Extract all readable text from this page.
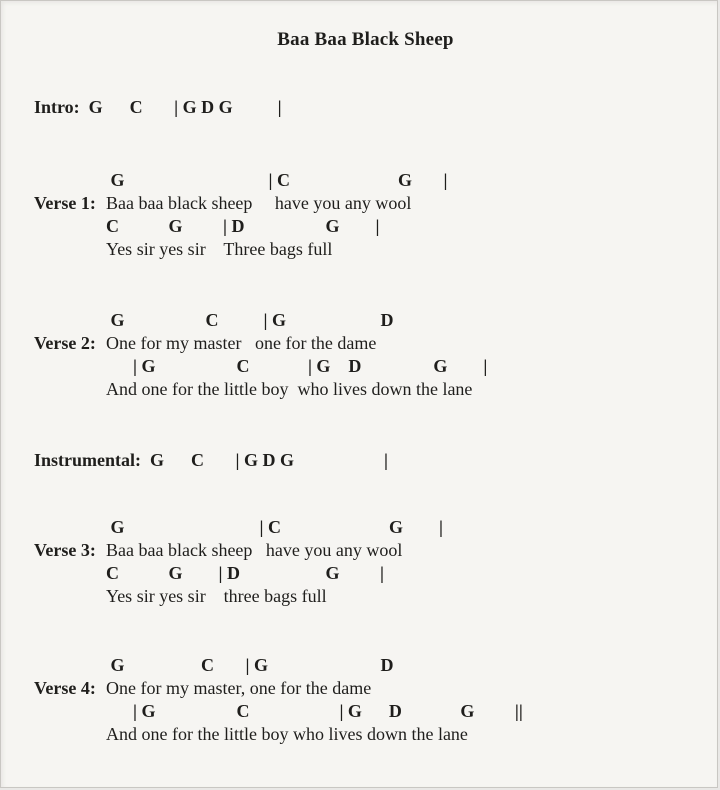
Baa Baa Black Sheep
Intro:  G      C       | G D G          |
G                                | C                        G       |
Verse 1: Baa baa black sheep     have you any wool
C           G         | D                  G        |
Yes sir yes sir    Three bags full
G                  C          | G                     D
Verse 2: One for my master   one for the dame
| G                  C             | G    D                G        |
And one for the little boy  who lives down the lane
Instrumental:  G      C       | G D G                    |
G                              | C                        G        |
Verse 3: Baa baa black sheep   have you any wool
C           G        | D                   G         |
Yes sir yes sir    three bags full
G                 C       | G                         D
Verse 4: One for my master, one for the dame
| G                  C                    | G      D             G         ||
And one for the little boy who lives down the lane
